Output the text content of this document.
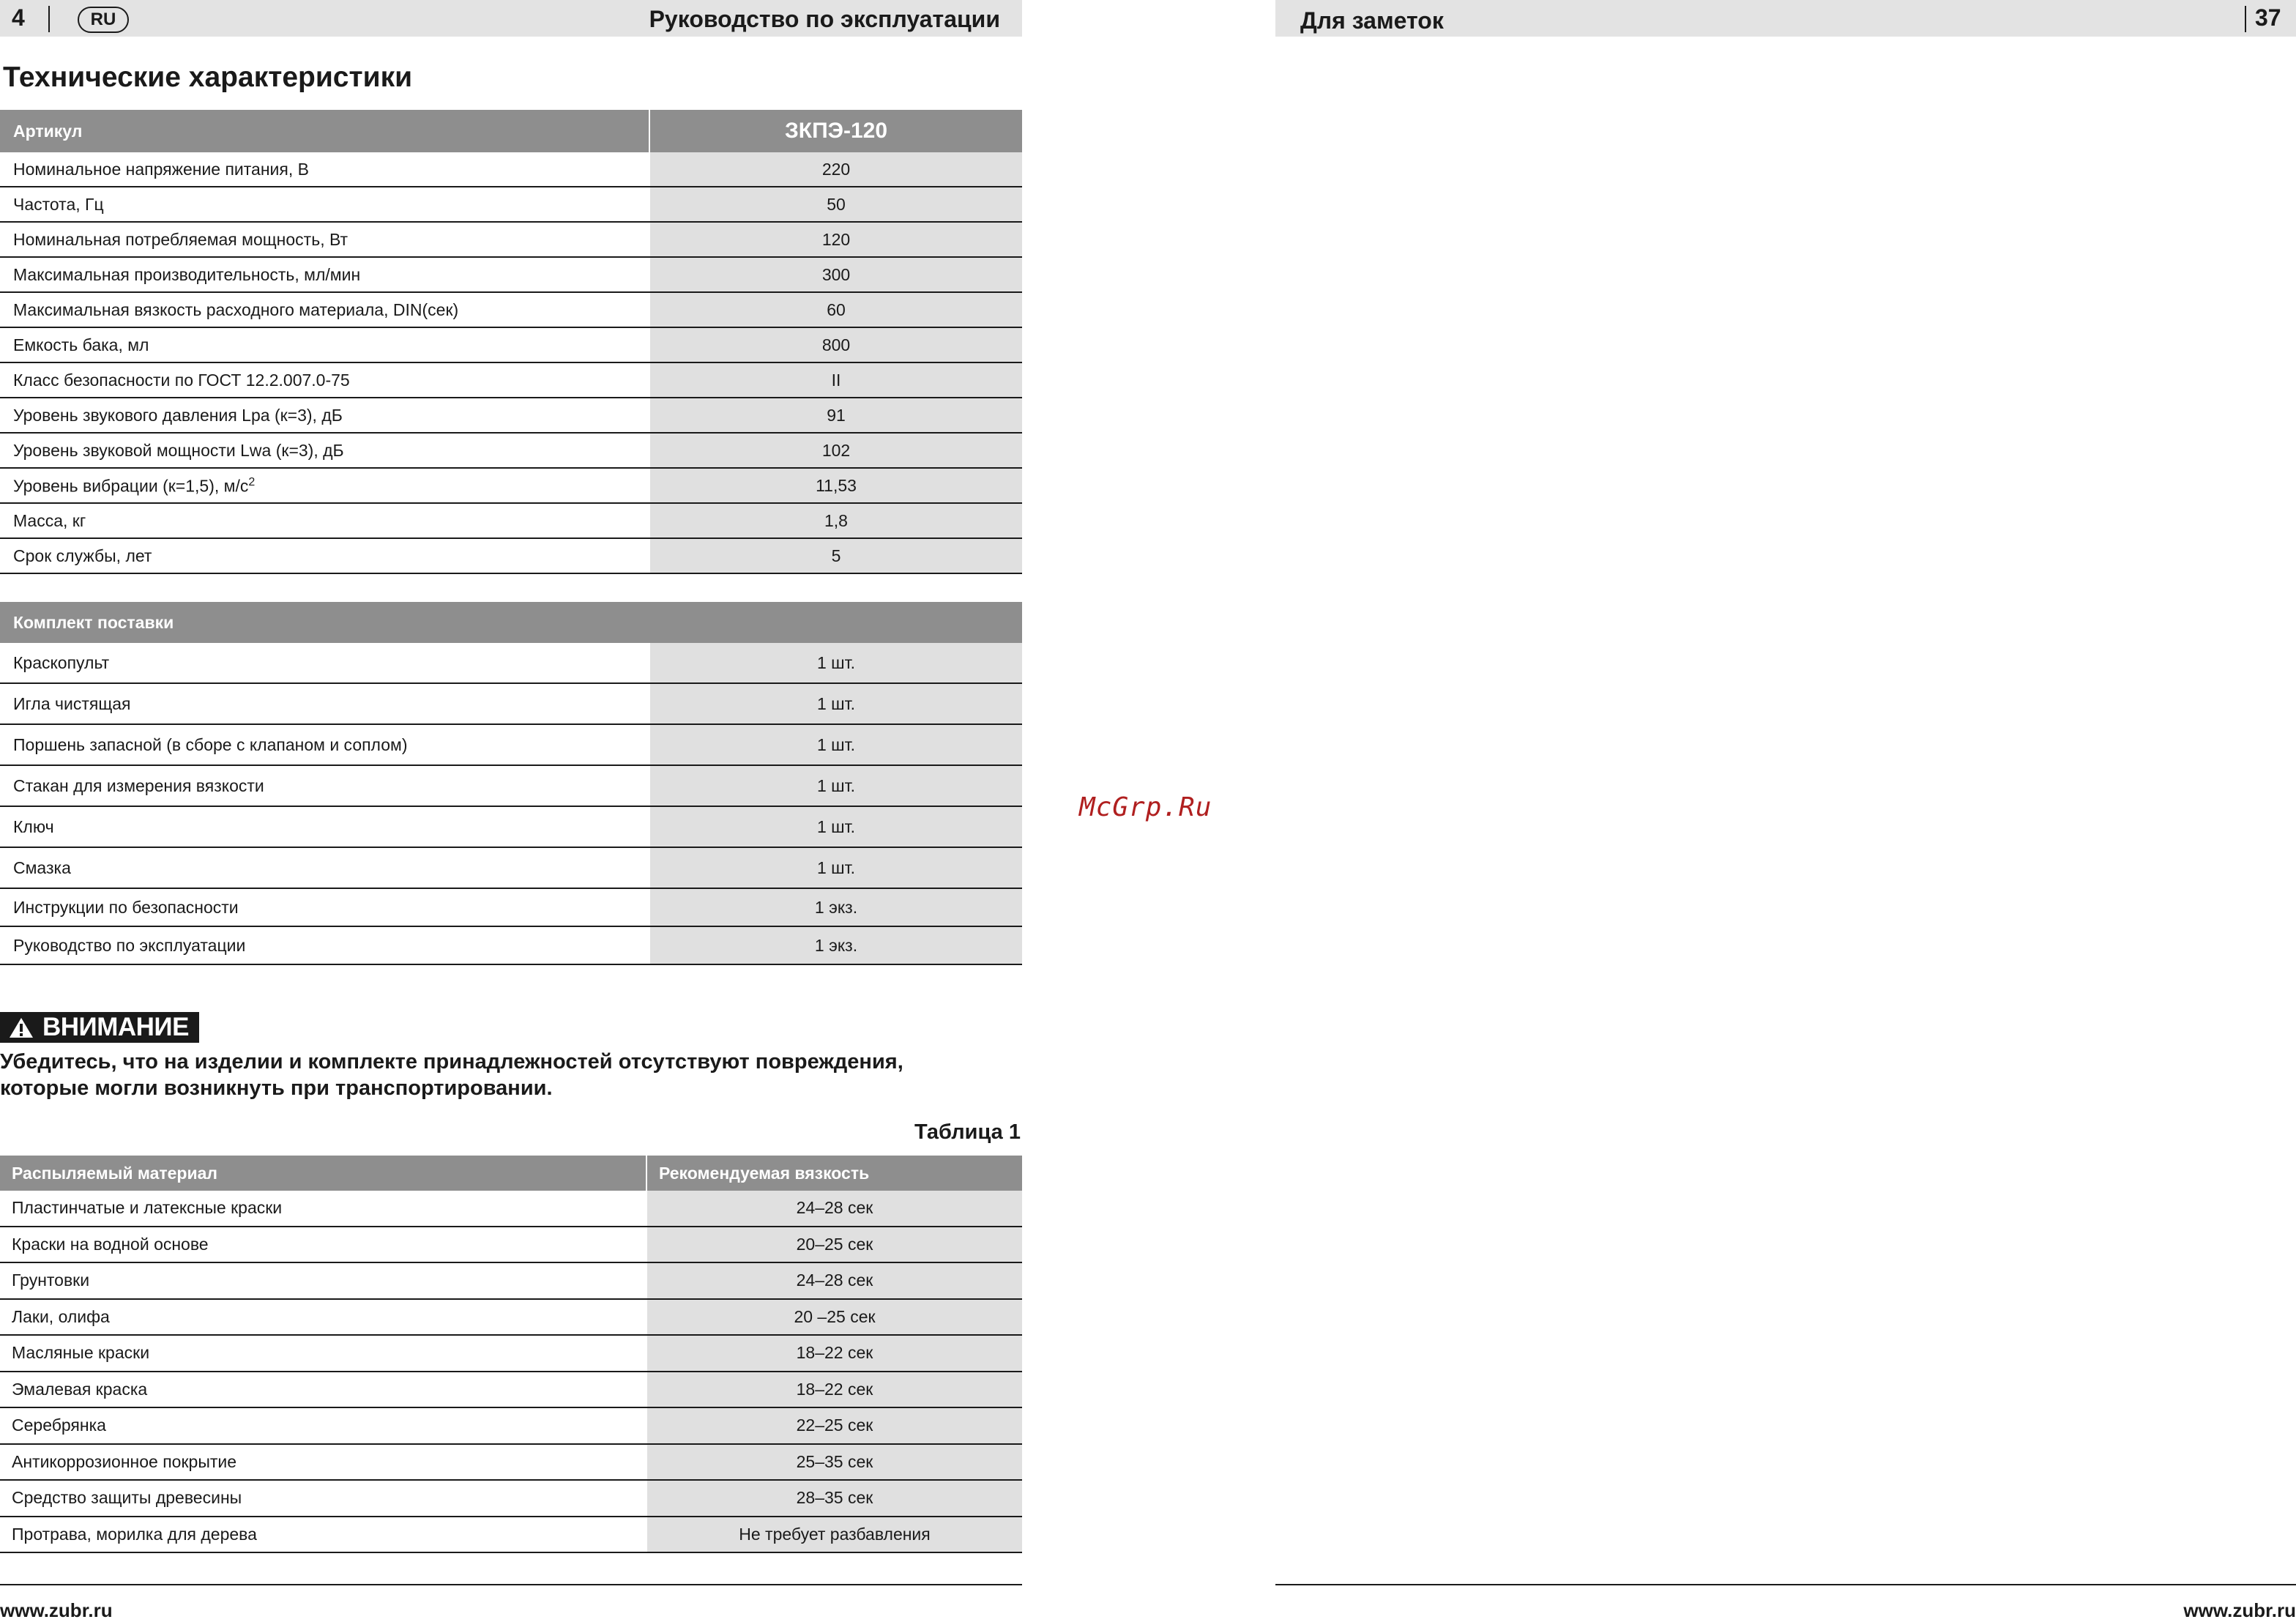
4	RU	Руководство по эксплуатации	Для заметок	37
Технические характеристики
Артикул	ЗКПЭ-120
Номинальное напряжение питания, В	220
Частота, Гц	50
Номинальная потребляемая мощность, Вт	120
Максимальная производительность, мл/мин	300
Максимальная вязкость расходного материала, DIN(сек)	60
Емкость бака, мл	800
Класс безопасности по ГОСТ 12.2.007.0-75	II
Уровень звукового давления Lpa (к=3), дБ	91
Уровень звуковой мощности Lwa (к=3), дБ	102
Уровень вибрации (к=1,5), $м/с^2$	11,53
Масса, кг	1,8
Срок службы, лет	5
Комплект поставки
Краскопульт	1 шт.
Игла чистящая	1 шт.
Поршень запасной (в сборе с клапаном и соплом)	1 шт.
Стакан для измерения вязкости	1 шт.
Ключ	1 шт.
Смазка	1 шт.
Инструкции по безопасности	1 экз.
Руководство по эксплуатации	1 экз.
ВНИМАНИЕ
Убедитесь, что на изделии и комплекте принадлежностей отсутствуют повреждения,
которые могли возникнуть при транспортировании.
Таблица 1
Распыляемый материал	Рекомендуемая вязкость
Пластинчатые и латексные краски	24–28 сек
Краски на водной основе	20–25 сек
Грунтовки	24–28 сек
Лаки, олифа	20 –25 сек
Масляные краски	18–22 сек
Эмалевая краска	18–22 сек
Серебрянка	22–25 сек
Антикоррозионное покрытие	25–35 сек
Средство защиты древесины	28–35 сек
Протрава, морилка для дерева	Не требует разбавления
McGrp.Ru
www.zubr.ru	www.zubr.ru
